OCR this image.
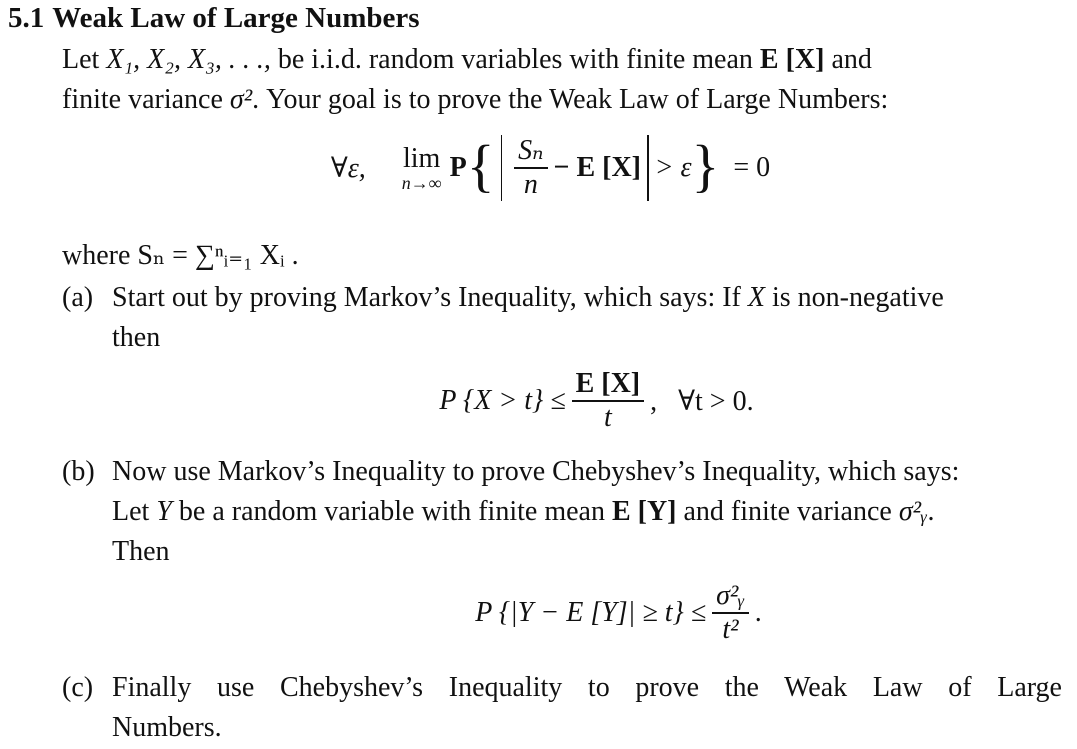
5.1 Weak Law of Large Numbers
Let X₁, X₂, X₃, . . ., be i.i.d. random variables with finite mean E [X] and
finite variance σ². Your goal is to prove the Weak Law of Large Numbers:
∀ε, lim
n→∞ P { $\frac{\text{Sₙ}}{n} - E$ [X] > ε } = 0
where Sₙ = ∑ⁿᵢ₌₁ Xᵢ .
(a) Start out by proving Markov’s Inequality, which says: If X is non-negative
then
P $\{X > t\} \le \frac{E [X]}{t}$ ,   ∀t > 0.
(b) Now use Markov’s Inequality to prove Chebyshev’s Inequality, which says:
Let Y be a random variable with finite mean E [Y] and finite variance σ²ᵧ.
Then
P {|Y − E $[Y]| \ge t\} \le \frac{\text{σ²ᵧ}}{\text{t²}}$ .
(c) Finally use Chebyshev’s Inequality to prove the Weak Law of Large
Numbers.
